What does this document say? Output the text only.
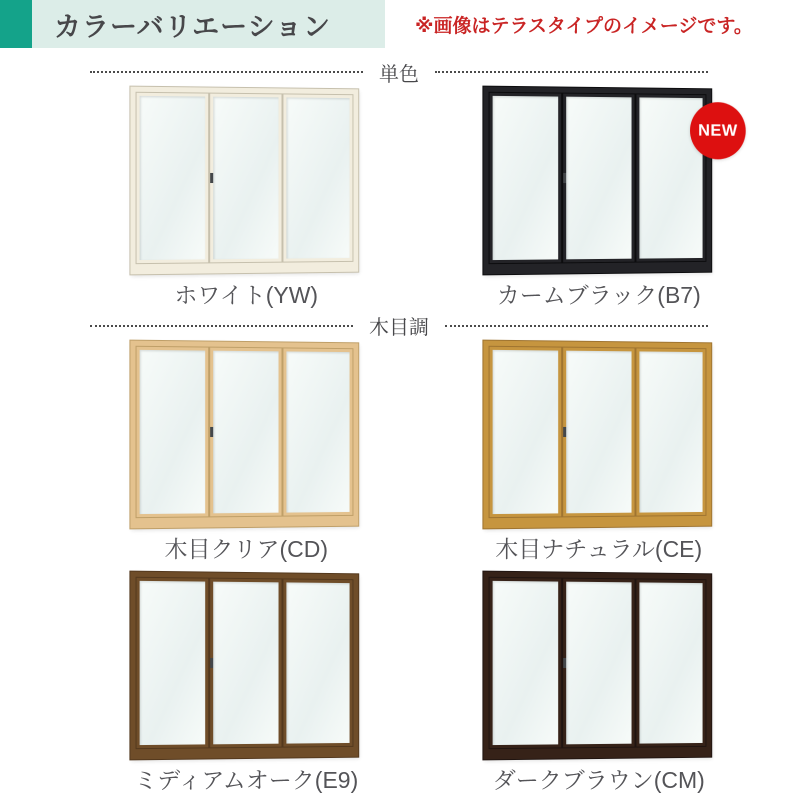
カラーバリエーション	※画像はテラスタイプのイメージです。
単色
ホワイト(YW)
NEW
カームブラック(B7)
木目調
木目クリア(CD)	木目ナチュラル(CE)
ミディアムオーク(E9)	ダークブラウン(CM)
